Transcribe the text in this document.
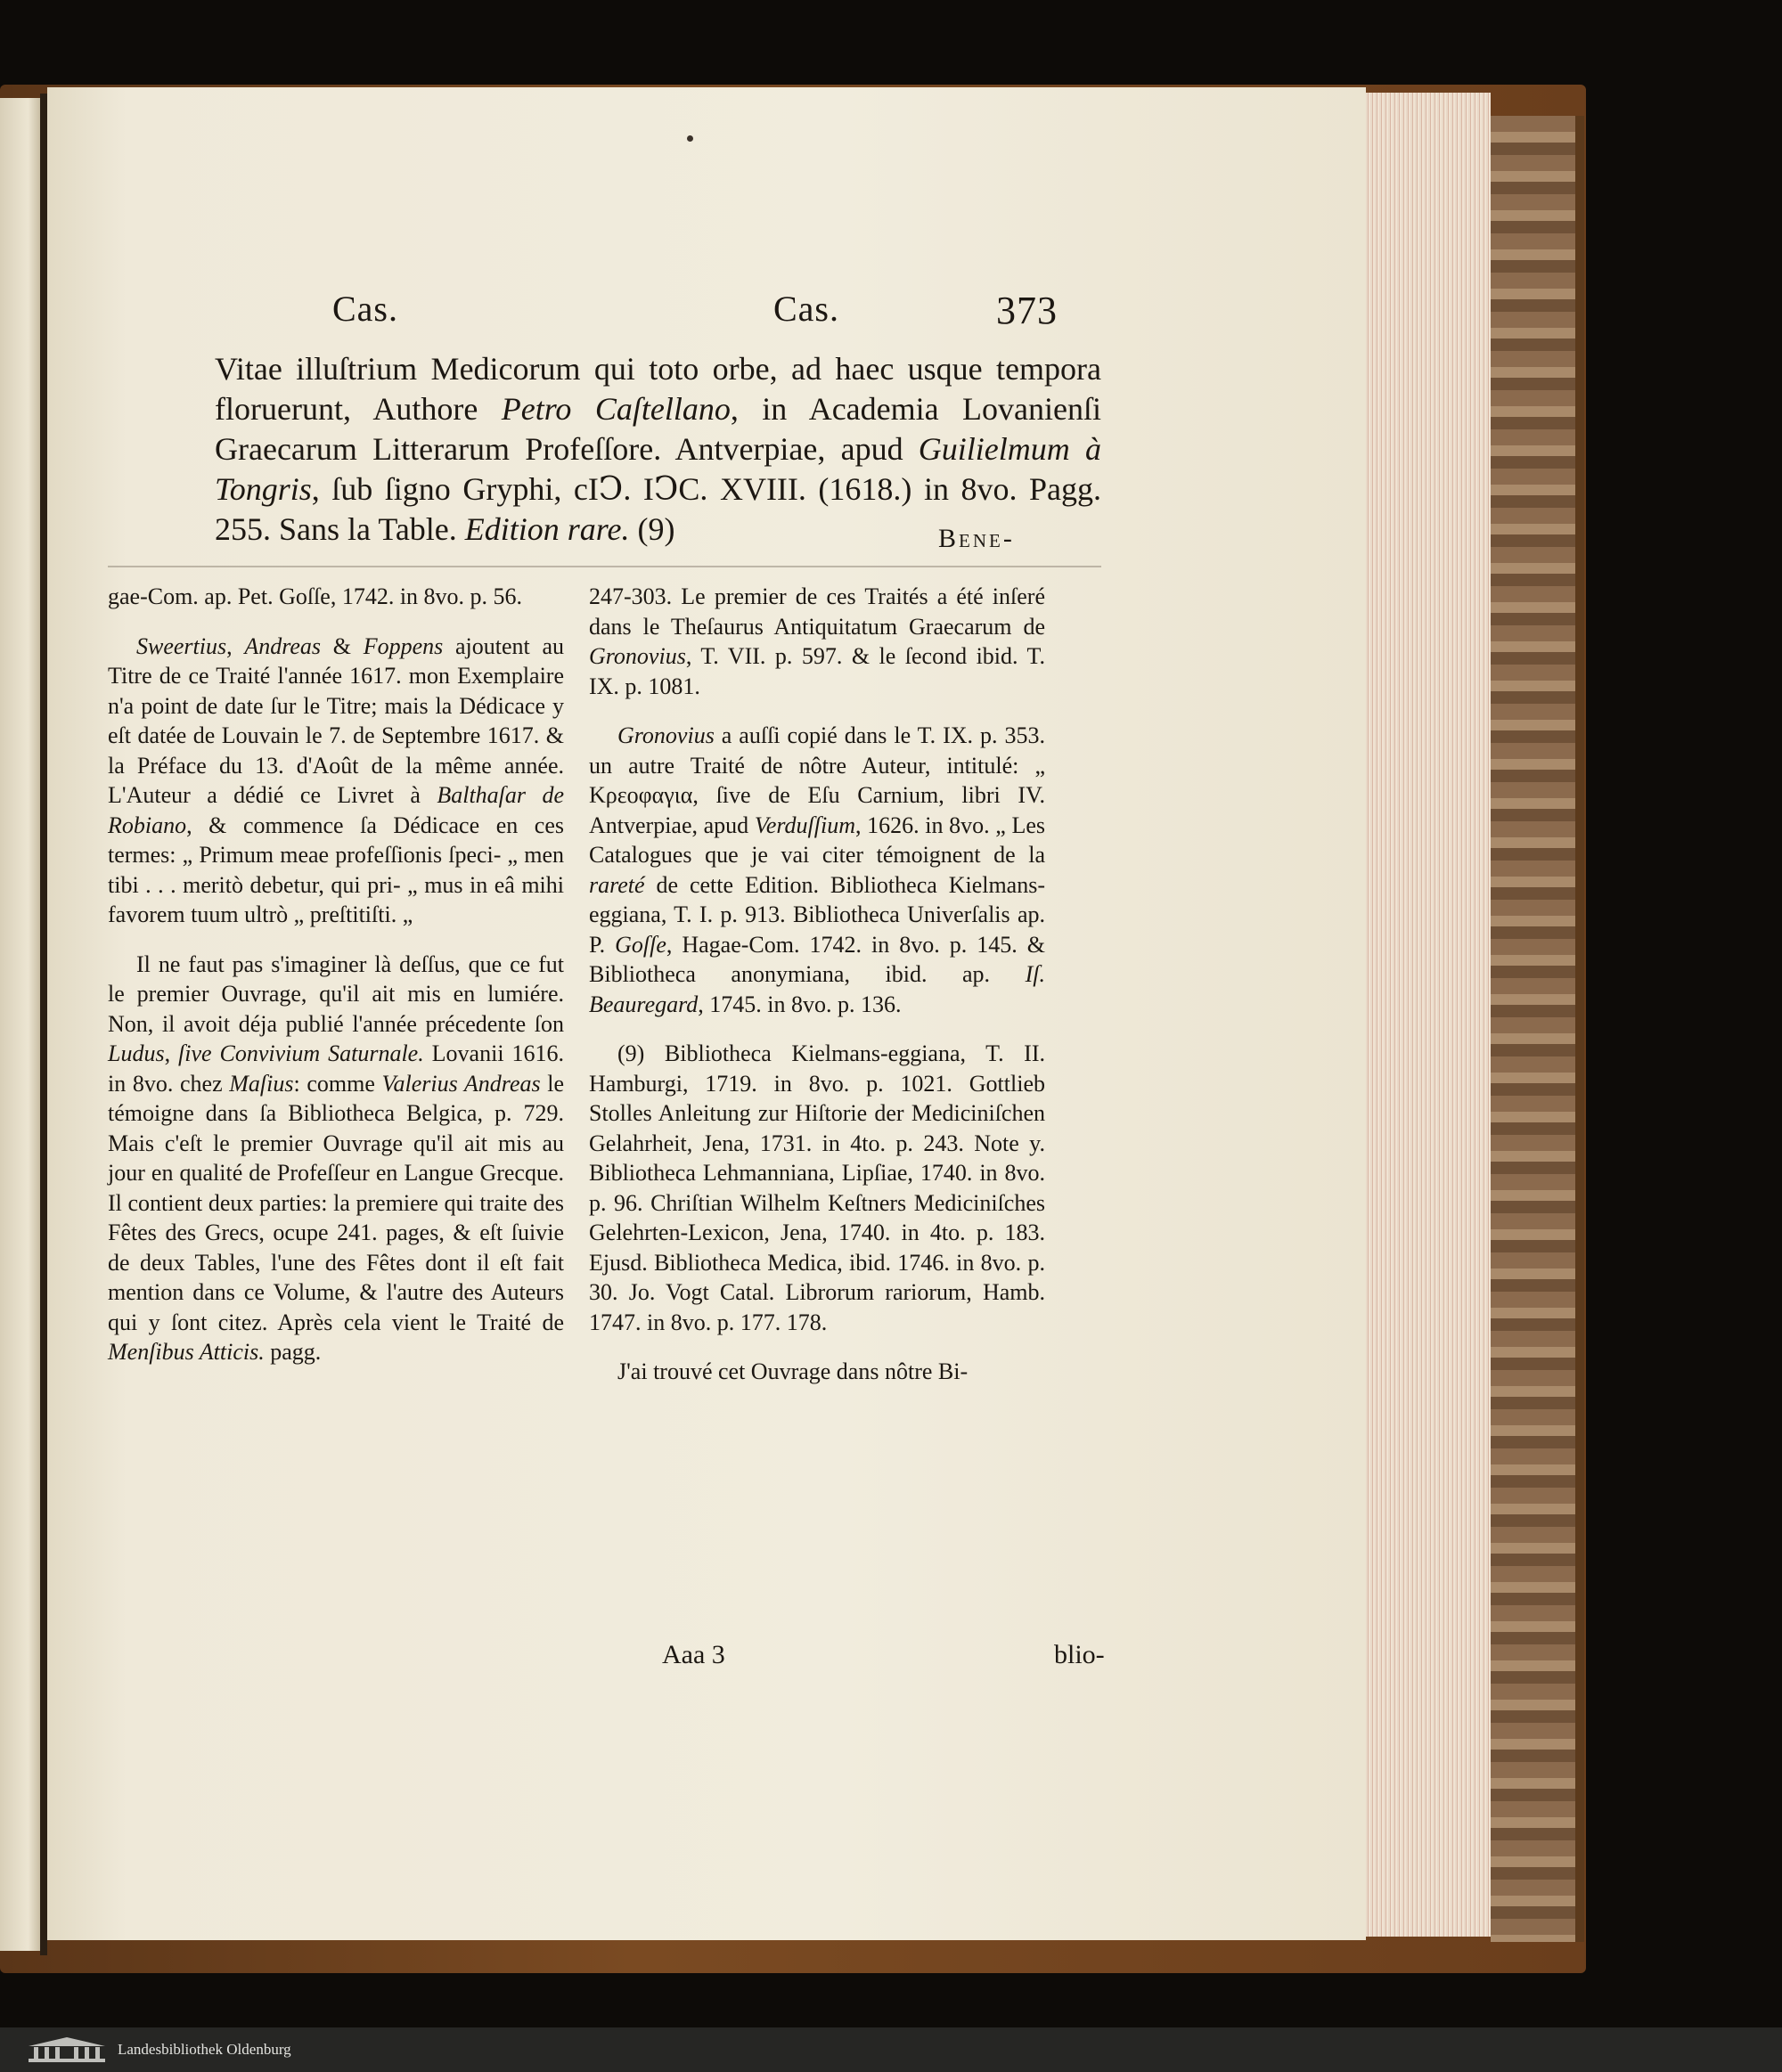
Cas.	Cas.	373

Vitae illuſtrium Medicorum qui toto orbe, ad haec usque tempora floruerunt, Authore Petro Caſtellano, in Academia Lovanienſi Graecarum Litterarum Profeſſore. Antverpiae, apud Guilielmum à Tongris, ſub ſigno Gryphi, cIↃ. IↃC. XVIII. (1618.) in 8vo. Pagg. 255. Sans la Table. Edition rare. (9)	Bene-

gae-Com. ap. Pet. Goſſe, 1742. in 8vo. p. 56.

Sweertius, Andreas & Foppens ajoutent au Titre de ce Traité l'année 1617. mon Exemplaire n'a point de date ſur le Titre; mais la Dédicace y eſt datée de Louvain le 7. de Septembre 1617. & la Préface du 13. d'Août de la même année. L'Auteur a dédié ce Livret à Balthaſar de Robiano, & commence ſa Dédicace en ces termes: „ Primum meae profeſſionis ſpeci- „ men tibi . . . meritò debetur, qui pri- „ mus in eâ mihi favorem tuum ultrò „ preſtitiſti. „

Il ne faut pas s'imaginer là deſſus, que ce fut le premier Ouvrage, qu'il ait mis en lumiére. Non, il avoit déja publié l'année précedente ſon Ludus, ſive Convivium Saturnale. Lovanii 1616. in 8vo. chez Maſius: comme Valerius Andreas le témoigne dans ſa Bibliotheca Belgica, p. 729. Mais c'eſt le premier Ouvrage qu'il ait mis au jour en qualité de Profeſſeur en Langue Grecque. Il contient deux parties: la premiere qui traite des Fêtes des Grecs, ocupe 241. pages, & eſt ſuivie de deux Tables, l'une des Fêtes dont il eſt fait mention dans ce Volume, & l'autre des Auteurs qui y ſont citez. Après cela vient le Traité de Menſibus Atticis. pagg.

247-303. Le premier de ces Traités a été inſeré dans le Theſaurus Antiquitatum Graecarum de Gronovius, T. VII. p. 597. & le ſecond ibid. T. IX. p. 1081.

Gronovius a auſſi copié dans le T. IX. p. 353. un autre Traité de nôtre Auteur, intitulé: „ Κρεοφαγια, ſive de Eſu Carnium, libri IV. Antverpiae, apud Verduſſium, 1626. in 8vo. „ Les Catalogues que je vai citer témoignent de la rareté de cette Edition. Bibliotheca Kielmans-eggiana, T. I. p. 913. Bibliotheca Univerſalis ap. P. Goſſe, Hagae-Com. 1742. in 8vo. p. 145. & Bibliotheca anonymiana, ibid. ap. Iſ. Beauregard, 1745. in 8vo. p. 136.

(9) Bibliotheca Kielmans-eggiana, T. II. Hamburgi, 1719. in 8vo. p. 1021. Gottlieb Stolles Anleitung zur Hiſtorie der Mediciniſchen Gelahrheit, Jena, 1731. in 4to. p. 243. Note y. Bibliotheca Lehmanniana, Lipſiae, 1740. in 8vo. p. 96. Chriſtian Wilhelm Keſtners Mediciniſches Gelehrten-Lexicon, Jena, 1740. in 4to. p. 183. Ejusd. Bibliotheca Medica, ibid. 1746. in 8vo. p. 30. Jo. Vogt Catal. Librorum rariorum, Hamb. 1747. in 8vo. p. 177. 178.

J'ai trouvé cet Ouvrage dans nôtre Bi-

Aaa 3	blio-
Landesbibliothek Oldenburg
